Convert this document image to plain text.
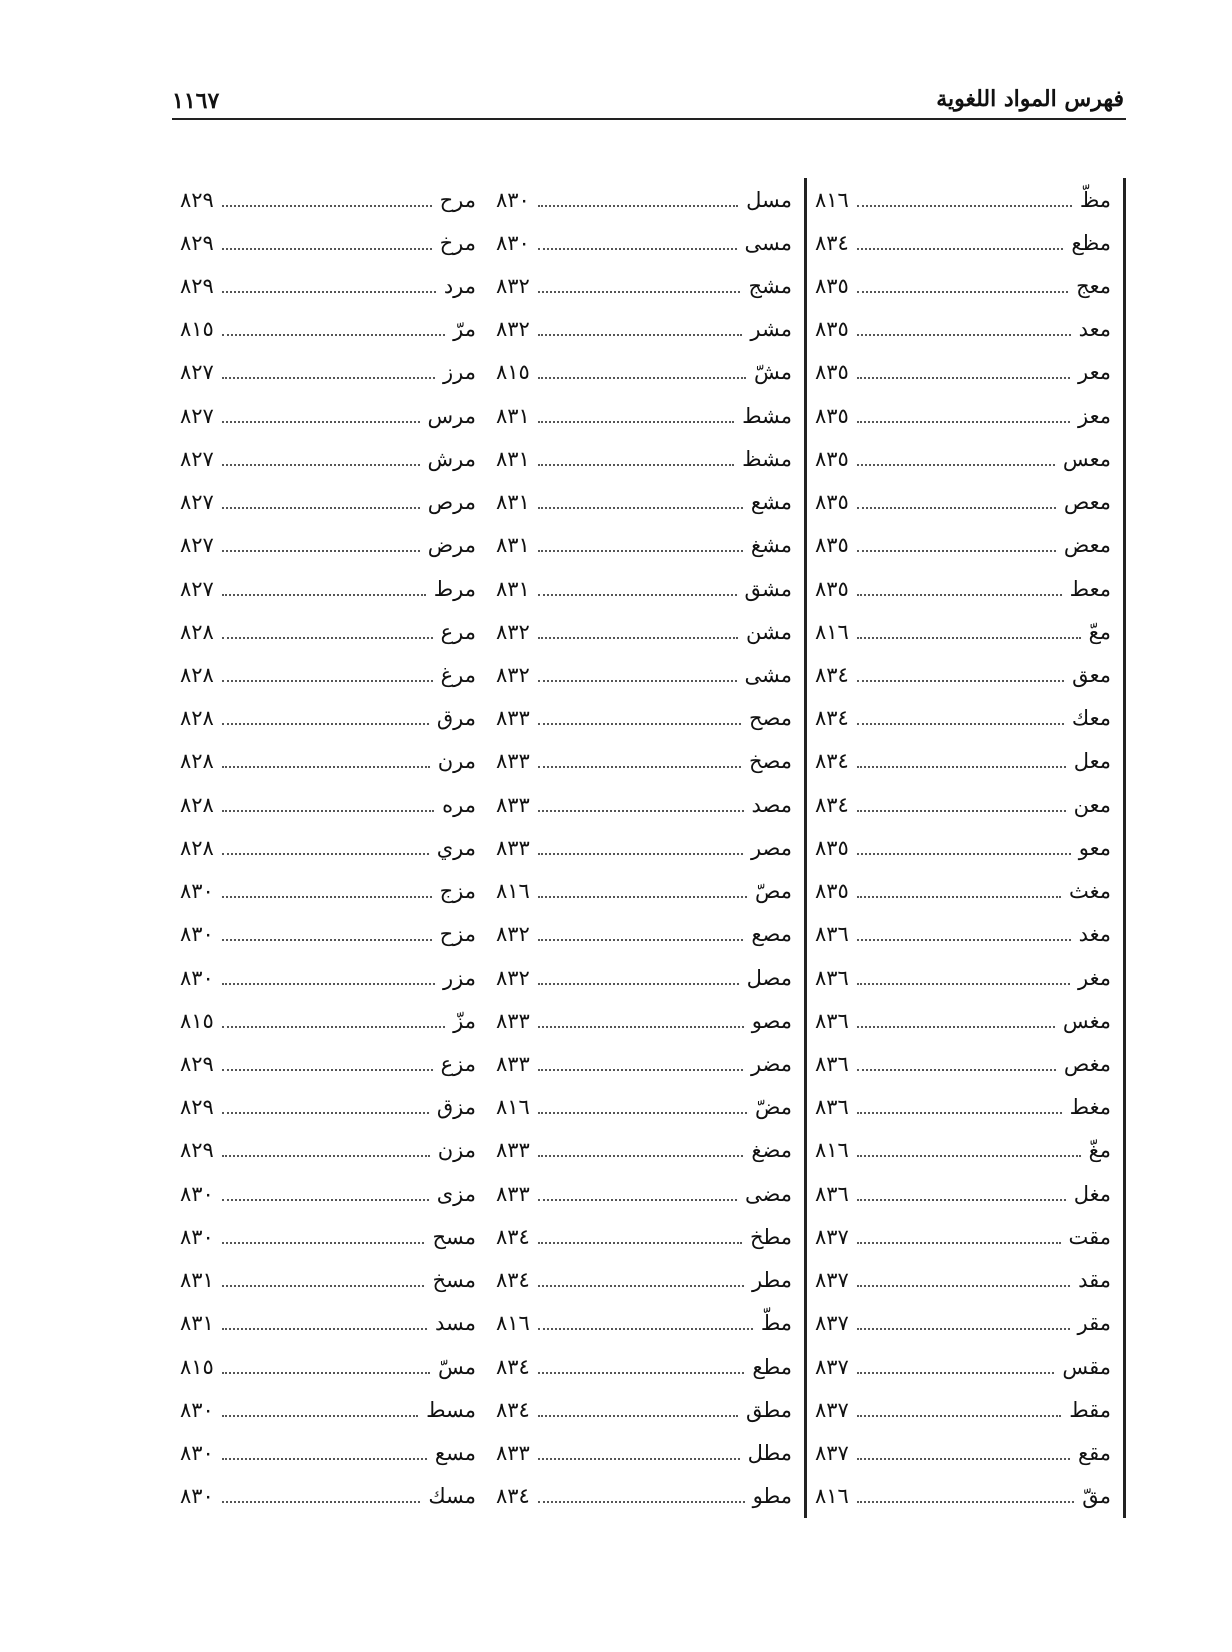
فهرس المواد اللغوية
١١٦٧
مرح
٨٢٩
مرخ
٨٢٩
مرد
٨٢٩
مرّ
٨١٥
مرز
٨٢٧
مرس
٨٢٧
مرش
٨٢٧
مرص
٨٢٧
مرض
٨٢٧
مرط
٨٢٧
مرع
٨٢٨
مرغ
٨٢٨
مرق
٨٢٨
مرن
٨٢٨
مره
٨٢٨
مري
٨٢٨
مزج
٨٣٠
مزح
٨٣٠
مزر
٨٣٠
مزّ
٨١٥
مزع
٨٢٩
مزق
٨٢٩
مزن
٨٢٩
مزى
٨٣٠
مسح
٨٣٠
مسخ
٨٣١
مسد
٨٣١
مسّ
٨١٥
مسط
٨٣٠
مسع
٨٣٠
مسك
٨٣٠
مسل
٨٣٠
مسى
٨٣٠
مشج
٨٣٢
مشر
٨٣٢
مشّ
٨١٥
مشط
٨٣١
مشظ
٨٣١
مشع
٨٣١
مشغ
٨٣١
مشق
٨٣١
مشن
٨٣٢
مشى
٨٣٢
مصح
٨٣٣
مصخ
٨٣٣
مصد
٨٣٣
مصر
٨٣٣
مصّ
٨١٦
مصع
٨٣٢
مصل
٨٣٢
مصو
٨٣٣
مضر
٨٣٣
مضّ
٨١٦
مضغ
٨٣٣
مضى
٨٣٣
مطخ
٨٣٤
مطر
٨٣٤
مطّ
٨١٦
مطع
٨٣٤
مطق
٨٣٤
مطل
٨٣٣
مطو
٨٣٤
مظّ
٨١٦
مظع
٨٣٤
معج
٨٣٥
معد
٨٣٥
معر
٨٣٥
معز
٨٣٥
معس
٨٣٥
معص
٨٣٥
معض
٨٣٥
معط
٨٣٥
معّ
٨١٦
معق
٨٣٤
معك
٨٣٤
معل
٨٣٤
معن
٨٣٤
معو
٨٣٥
مغث
٨٣٥
مغد
٨٣٦
مغر
٨٣٦
مغس
٨٣٦
مغص
٨٣٦
مغط
٨٣٦
مغّ
٨١٦
مغل
٨٣٦
مقت
٨٣٧
مقد
٨٣٧
مقر
٨٣٧
مقس
٨٣٧
مقط
٨٣٧
مقع
٨٣٧
مقّ
٨١٦
